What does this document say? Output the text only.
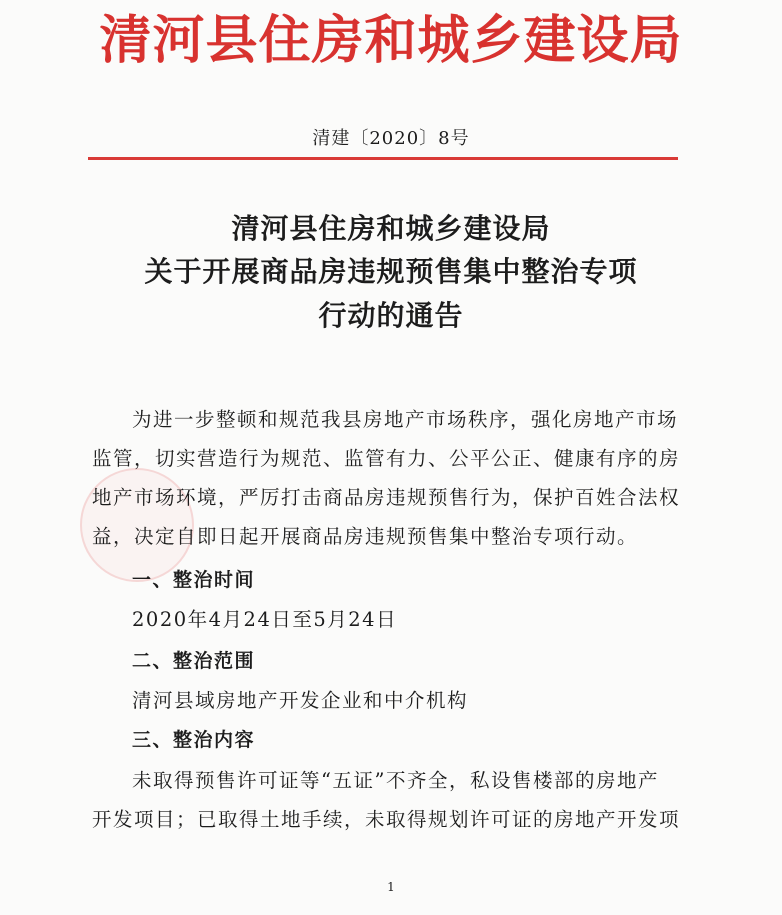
清河县住房和城乡建设局
清建〔2020〕8号
清河县住房和城乡建设局
关于开展商品房违规预售集中整治专项
行动的通告
为进一步整顿和规范我县房地产市场秩序，强化房地产市场
监管，切实营造行为规范、监管有力、公平公正、健康有序的房
地产市场环境，严厉打击商品房违规预售行为，保护百姓合法权
益，决定自即日起开展商品房违规预售集中整治专项行动。
一、整治时间
2020年4月24日至5月24日
二、整治范围
清河县域房地产开发企业和中介机构
三、整治内容
未取得预售许可证等“五证”不齐全，私设售楼部的房地产
开发项目；已取得土地手续，未取得规划许可证的房地产开发项
1
